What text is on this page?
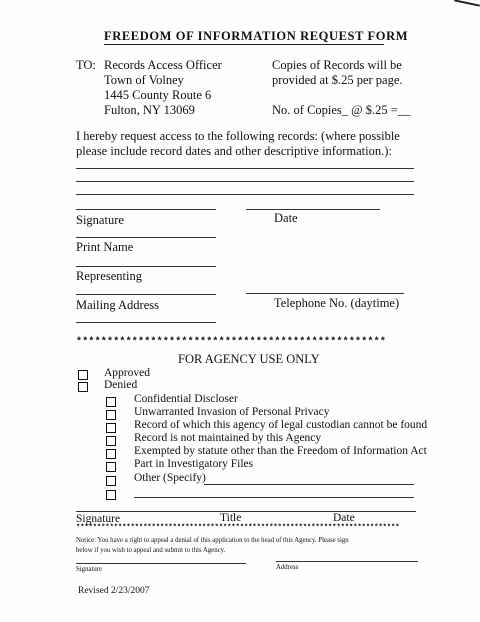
FREEDOM OF INFORMATION REQUEST FORM
TO: Records Access Officer
Town of Volney
1445 County Route 6
Fulton, NY 13069
Copies of Records will be
provided at $.25 per page.
No. of Copies_ @ $.25 =__
I hereby request access to the following records: (where possible
please include record dates and other descriptive information.):
Signature	Date
Print Name
Representing
Mailing Address	Telephone No. (daytime)
**************************************************
FOR AGENCY USE ONLY
Approved
Denied
Confidential Discloser
Unwarranted Invasion of Personal Privacy
Record of which this agency of legal custodian cannot be found
Record is not maintained by this Agency
Exempted by statute other than the Freedom of Information Act
Part in Investigatory Files
Other (Specify)
Signature	Title	Date
*****************************************************************************
Notice: You have a right to appeal a denial of this application to the head of this Agency. Please sign
below if you wish to appeal and submit to this Agency.
Signature	Address
Revised 2/23/2007
